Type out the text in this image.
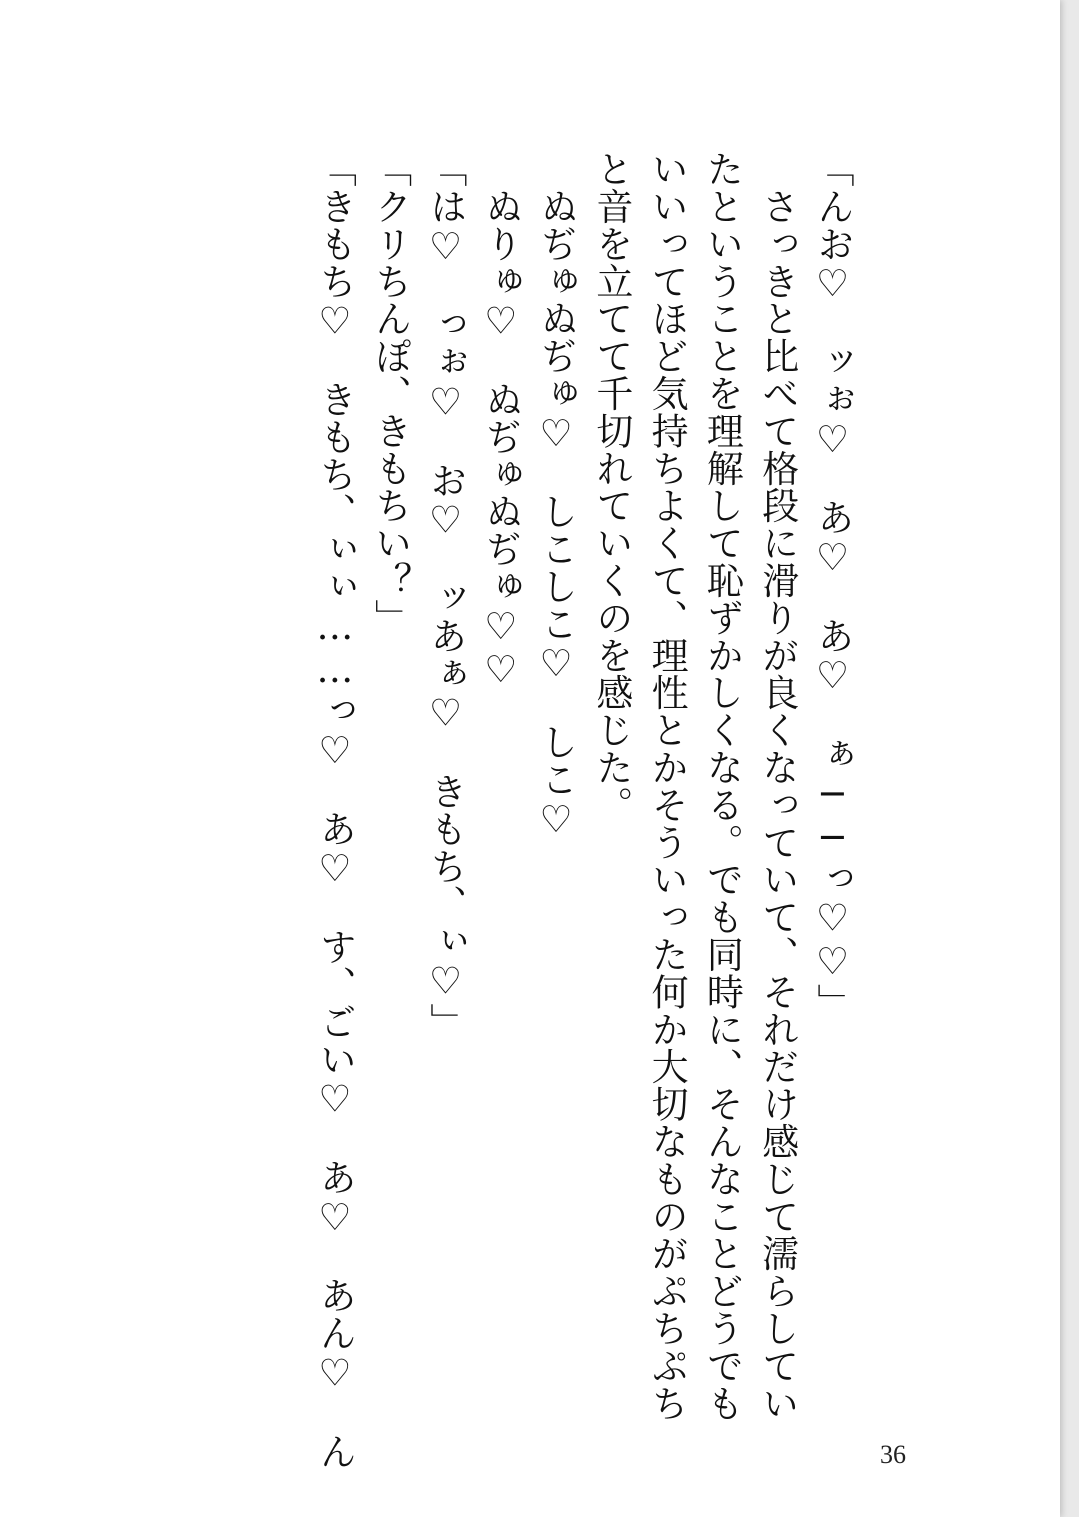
「んお♡　ッぉ♡　あ♡　あ♡　ぁ──っ♡♡」
　さっきと比べて格段に滑りが良くなっていて、それだけ感じて濡らしてい
たということを理解して恥ずかしくなる。でも同時に、そんなことどうでも
いいってほど気持ちよくて、理性とかそういった何か大切なものがぷちぷち
と音を立てて千切れていくのを感じた。
　ぬぢゅぬぢゅ♡　しこしこ♡　しこ♡
　ぬりゅ♡　ぬぢゅぬぢゅ♡♡
「は♡　っぉ♡　お♡　ッあぁ♡　きもち、ぃ♡」
「クリちんぽ、きもちい？」
「きもち♡　きもち、ぃぃ……っ♡　あ♡　す、ごい♡　あ♡　あん♡　ん	36
